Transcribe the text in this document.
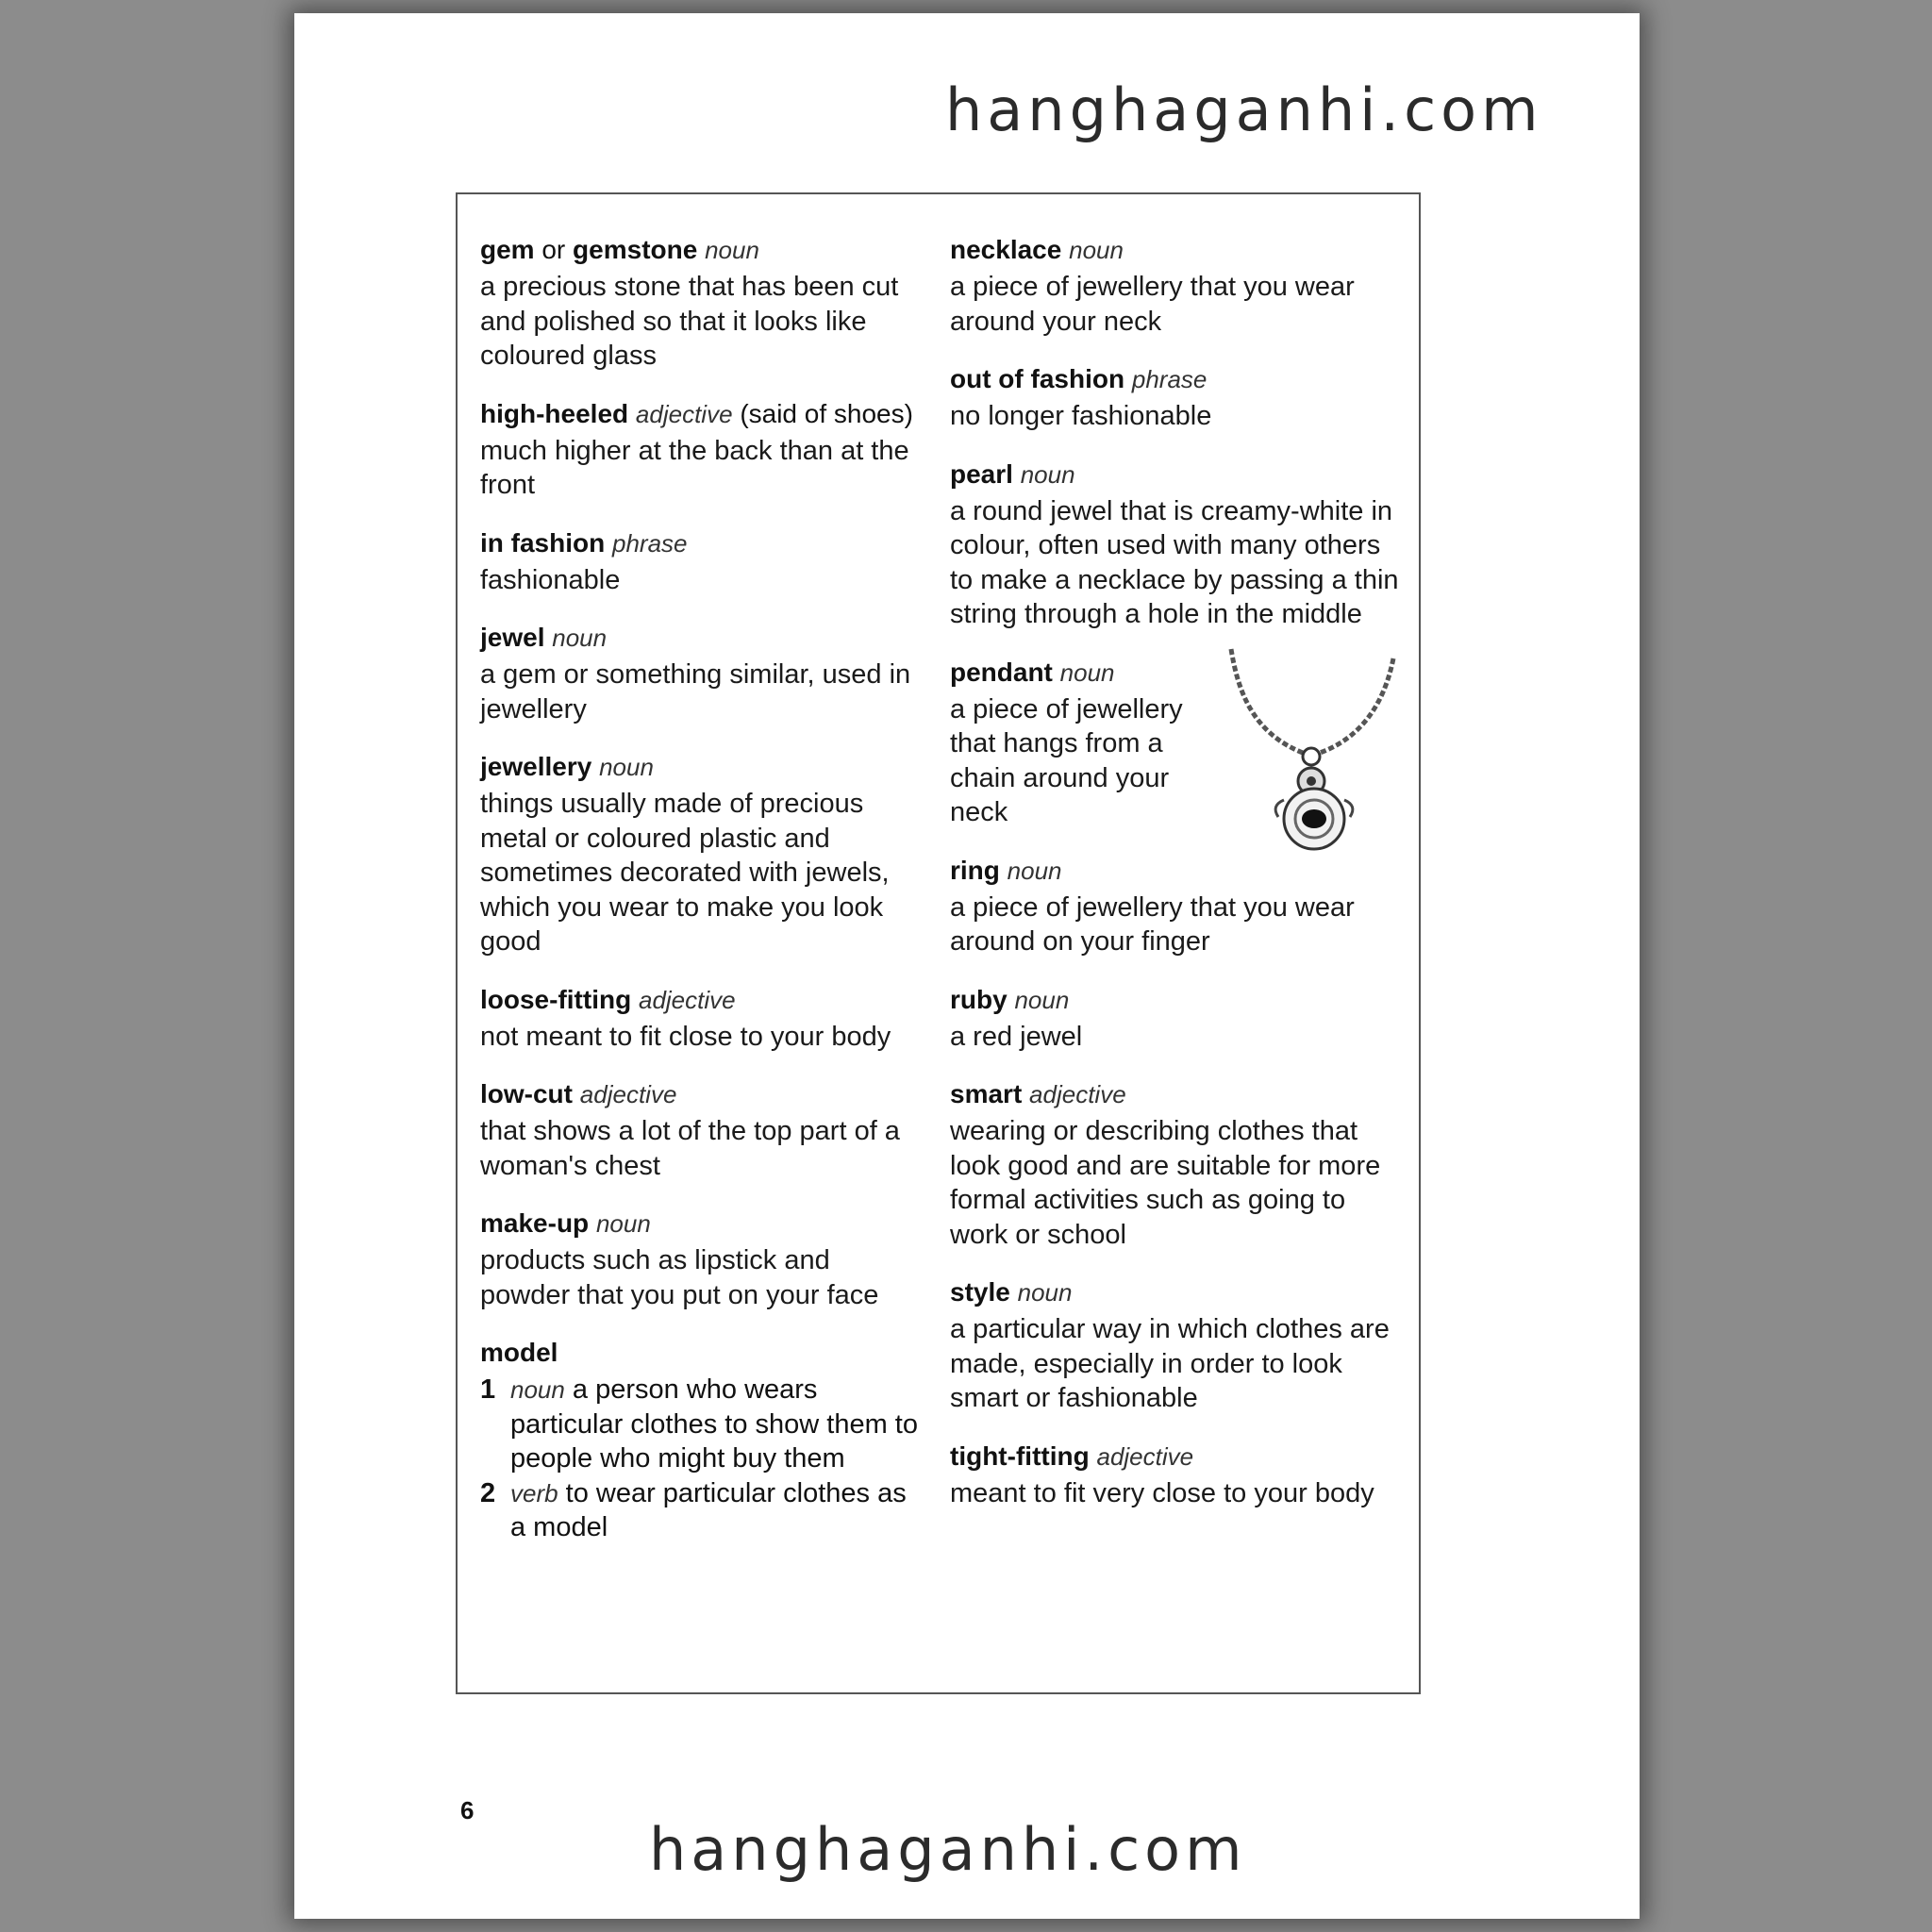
hanghaganhi.com
gem or gemstone noun
a precious stone that has been cut and polished so that it looks like coloured glass
high-heeled adjective (said of shoes)
much higher at the back than at the front
in fashion phrase
fashionable
jewel noun
a gem or something similar, used in jewellery
jewellery noun
things usually made of precious metal or coloured plastic and sometimes decorated with jewels, which you wear to make you look good
loose-fitting adjective
not meant to fit close to your body
low-cut adjective
that shows a lot of the top part of a woman's chest
make-up noun
products such as lipstick and powder that you put on your face
model
1 noun a person who wears particular clothes to show them to people who might buy them
2 verb to wear particular clothes as a model
necklace noun
a piece of jewellery that you wear around your neck
out of fashion phrase
no longer fashionable
pearl noun
a round jewel that is creamy-white in colour, often used with many others to make a necklace by passing a thin string through a hole in the middle
pendant noun
a piece of jewellery that hangs from a chain around your neck
ring noun
a piece of jewellery that you wear around on your finger
ruby noun
a red jewel
smart adjective
wearing or describing clothes that look good and are suitable for more formal activities such as going to work or school
style noun
a particular way in which clothes are made, especially in order to look smart or fashionable
tight-fitting adjective
meant to fit very close to your body
6
hanghaganhi.com
